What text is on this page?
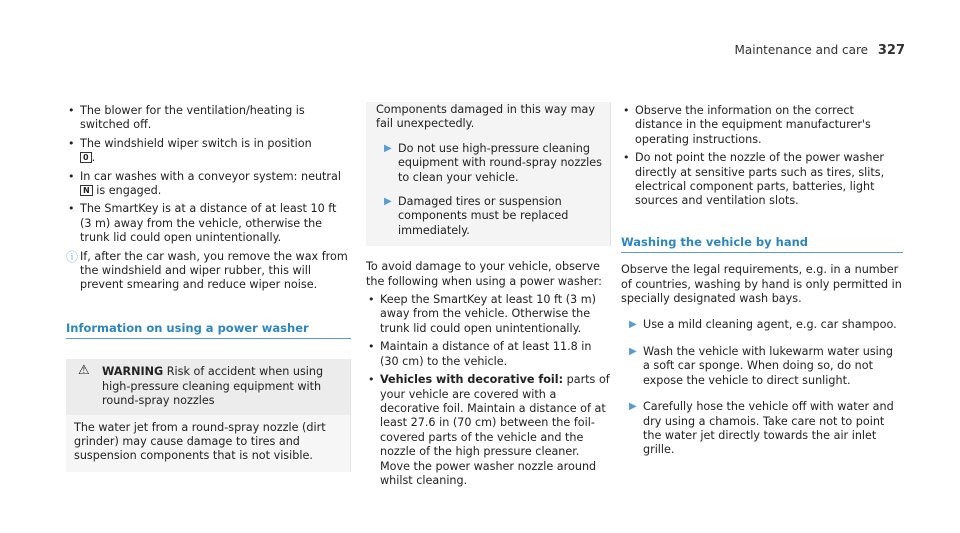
Maintenance and care 327
• The blower for the ventilation/heating is switched off.
• The windshield wiper switch is in position
0 .
• In car washes with a conveyor system: neutral N is engaged.
• The SmartKey is at a distance of at least 10 ft (3 m) away from the vehicle, otherwise the trunk lid could open unintentionally.
ⓘ If, after the car wash, you remove the wax from the windshield and wiper rubber, this will prevent smearing and reduce wiper noise.
Information on using a power washer
⚠ WARNING Risk of accident when using high-pressure cleaning equipment with round-spray nozzles
The water jet from a round-spray nozzle (dirt grinder) may cause damage to tires and suspension components that is not visible.

Components damaged in this way may fail unexpectedly.

▶ Do not use high-pressure cleaning equipment with round-spray nozzles to clean your vehicle.
▶ Damaged tires or suspension components must be replaced immediately.

To avoid damage to your vehicle, observe the following when using a power washer:

• Keep the SmartKey at least 10 ft (3 m) away from the vehicle. Otherwise the trunk lid could open unintentionally.
• Maintain a distance of at least 11.8 in (30 cm) to the vehicle.
• Vehicles with decorative foil: parts of your vehicle are covered with a decorative foil. Maintain a distance of at least 27.6 in (70 cm) between the foil-covered parts of the vehicle and the nozzle of the high pressure cleaner. Move the power washer nozzle around whilst cleaning.
• Observe the information on the correct distance in the equipment manufacturer's operating instructions.
• Do not point the nozzle of the power washer directly at sensitive parts such as tires, slits, electrical component parts, batteries, light sources and ventilation slots.
Washing the vehicle by hand

Observe the legal requirements, e.g. in a number of countries, washing by hand is only permitted in specially designated wash bays.

▶ Use a mild cleaning agent, e.g. car shampoo.
▶ Wash the vehicle with lukewarm water using a soft car sponge. When doing so, do not expose the vehicle to direct sunlight.
▶ Carefully hose the vehicle off with water and dry using a chamois. Take care not to point the water jet directly towards the air inlet grille.
